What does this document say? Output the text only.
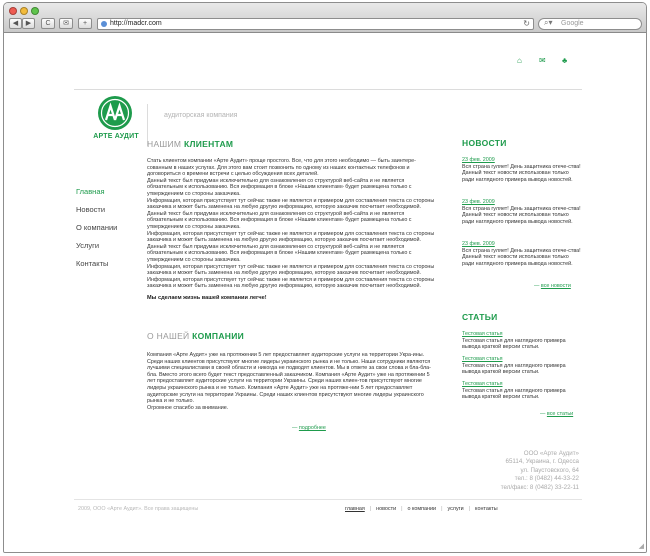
◀	▶	C	✉	+	http://madcr.com	↻ ⌕▾ Google
⌂ ✉ ♣
АРТЕ АУДИТ
аудиторская компания
Главная
Новости
О компании
Услуги
Контакты
НАШИМ КЛИЕНТАМ

Стать клиентом компании «Арте Аудит» проще простого. Все, что для этого необходимо — быть заинтере-сованным в наших услугах. Для этого вам стоит позвонить по одному из наших контактных телефонов и договориться о времени встречи с целью обсуждения всех деталей.

Данный текст был придуман исключительно для ознакомления со структурой веб-сайта и не является обязательным к использованию. Вся информация в блоке «Нашим клиентам» будет размещена только с утверждением со стороны заказчика.

Информация, которая присутствует тут сейчас также не является и примером для составления текста со стороны заказчика и может быть заменена на любую другую информацию, которую заказчик посчитает необходимой.

Данный текст был придуман исключительно для ознакомления со структурой веб-сайта и не является обязательным к использованию. Вся информация в блоке «Нашим клиентам» будет размещена только с утверждением со стороны заказчика.

Информация, которая присутствует тут сейчас также не является и примером для составления текста со стороны заказчика и может быть заменена на любую другую информацию, которую заказчик посчитает необходимой.

Данный текст был придуман исключительно для ознакомления со структурой веб-сайта и не является обязательным к использованию. Вся информация в блоке «Нашим клиентам» будет размещена только с утверждением со стороны заказчика.

Информация, которая присутствует тут сейчас также не является и примером для составления текста со стороны заказчика и может быть заменена на любую другую информацию, которую заказчик посчитает необходимой.

Информация, которая присутствует тут сейчас также не является и примером для составления текста со стороны заказчика и может быть заменена на любую другую информацию, которую заказчик посчитает необходимой.

Мы сделаем жизнь вашей компании легче!
О НАШЕЙ КОМПАНИИ

Компания «Арте Аудит» уже на протяжении 5 лет предоставляет аудиторские услуги на территории Укра-ины. Среди наших клиентов присутствуют многие лидеры украинского рынка и не только. Наши сотрудники являются лучшими специалистами в своей области и никогда не подводят клиентов. Мы в ответе за свои слова и бла-бла-бла. Вместо этого всего будет текст предоставленный заказчиком. Компания «Арте Аудит» уже на протяжении 5 лет предоставляет аудиторские услуги на территории Украины. Среди наших клиен-тов присутствуют многие лидеры украинского рынка и не только. Компания «Арте Аудит» уже на протяже-нии 5 лет предоставляет аудиторские услуги на территории Украины. Среди наших клиентов присутствуют многие лидеры украинского рынка и не только.

Огромное спасибо за внимание.

— подробнее
НОВОСТИ
23 фев. 2009
Вся страна гуляет! День защитника отече-ства! Данный текст новости использован только ради наглядного примера вывода новостей.
23 фев. 2009
Вся страна гуляет! День защитника отече-ства! Данный текст новости использован только ради наглядного примера вывода новостей.
23 фев. 2009
Вся страна гуляет! День защитника отече-ства! Данный текст новости использован только ради наглядного примера вывода новостей.
— все новости
СТАТЬИ
Тестовая статья
Тестовая статья для наглядного примера вывода краткой версии статьи.
Тестовая статья
Тестовая статья для наглядного примера вывода краткой версии статьи.
Тестовая статья
Тестовая статья для наглядного примера вывода краткой версии статьи.
— все статьи
ООО «Арте Аудит»
65114, Украина, г. Одесса
ул. Паустовского, 64
тел.: 8 (0482) 44-33-22
тел/факс: 8 (0482) 33-22-11
2009, ООО «Арте Аудит». Все права защищены	главная | новости | о компании | услуги | контакты
◢
